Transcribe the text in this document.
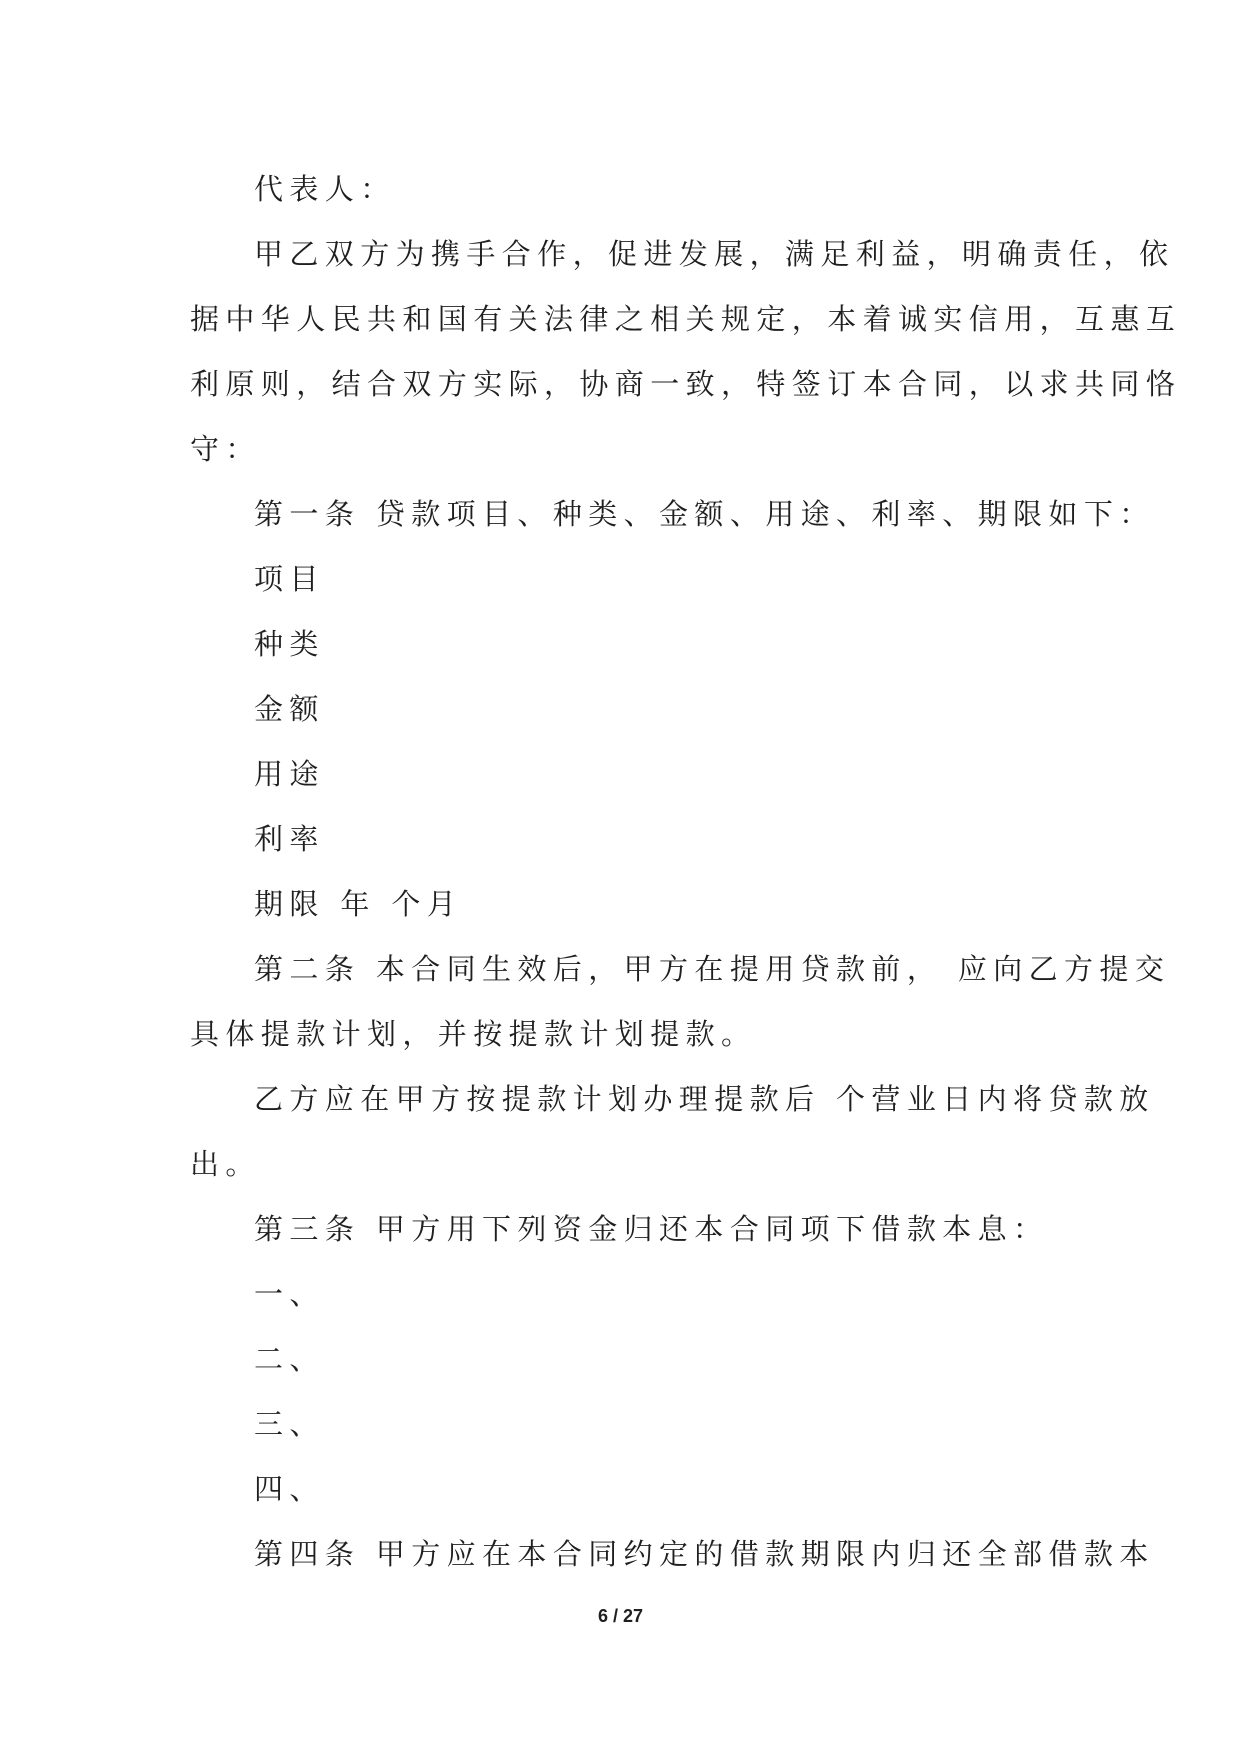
代表人：
甲乙双方为携手合作，促进发展，满足利益，明确责任，依
据中华人民共和国有关法律之相关规定，本着诚实信用，互惠互
利原则，结合双方实际，协商一致，特签订本合同，以求共同恪
守：
第一条 贷款项目、种类、金额、用途、利率、期限如下：
项目
种类
金额
用途
利率
期限 年 个月
第二条 本合同生效后，甲方在提用贷款前， 应向乙方提交
具体提款计划，并按提款计划提款。
乙方应在甲方按提款计划办理提款后 个营业日内将贷款放
出。
第三条 甲方用下列资金归还本合同项下借款本息：
一、
二、
三、
四、
第四条 甲方应在本合同约定的借款期限内归还全部借款本
6 / 27
